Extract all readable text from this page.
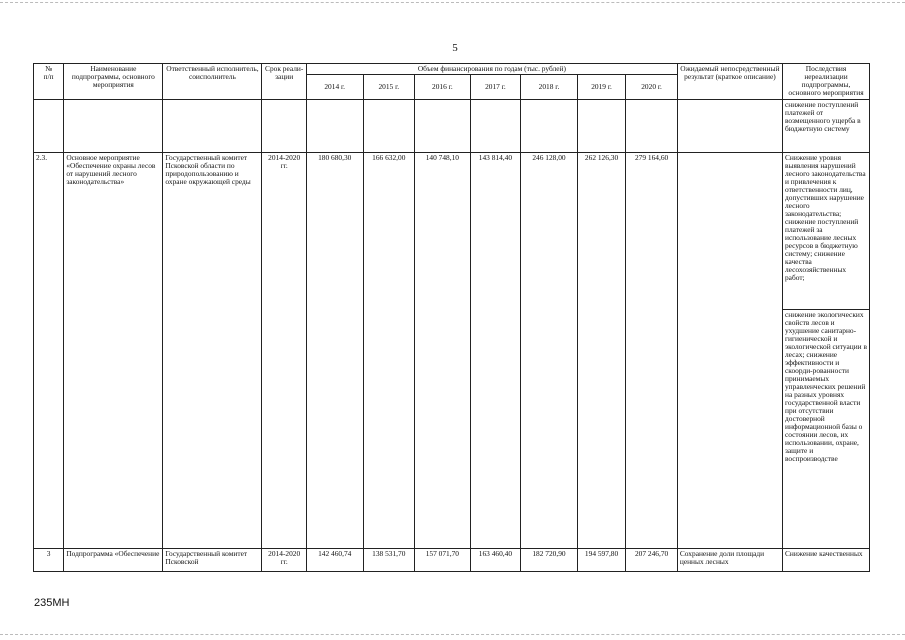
5
№
п/п	Наименование подпрограммы, основного мероприятия	Ответственный исполнитель, соисполнитель	Срок реали-зации	Объем финансирования по годам (тыс. рублей)							Ожидаемый непосредственный результат (краткое описание)	Последствия нереализации подпрограммы, основного мероприятия
				2014 г.	2015 г.	2016 г.	2017 г.	2018 г.	2019 г.	2020 г.		
												снижение поступлений платежей от возмещенного ущерба в бюджетную систему
2.3.	Основное мероприятие «Обеспечение охраны лесов от нарушений лесного законодательства»	Государственный комитет Псковской области по природопользованию и охране окружающей среды	2014-2020 гг.	180 680,30	166 632,00	140 748,10	143 814,40	246 128,00	262 126,30	279 164,60		Снижение уровня выявления нарушений лесного законодательства и привлечения к ответственности лиц, допустивших нарушение лесного законодательства; снижение поступлений платежей за использование лесных ресурсов в бюджетную систему; снижение качества лесохозяйственных работ;
												снижение экологических свойств лесов и ухудшение санитарно-гигиенической и экологической ситуации в лесах; снижение эффективности и скоорди-рованности принимаемых управленческих решений на разных уровнях государственной власти при отсутствии достоверной информационной базы о состоянии лесов, их использовании, охране, защите и воспроизводстве
3	Подпрограмма «Обеспечение	Государственный комитет Псковской	2014-2020 гг.	142 460,74	138 531,70	157 071,70	163 460,40	182 720,90	194 597,80	207 246,70	Сохранение доли площади ценных лесных	Снижение качественных
235МН
